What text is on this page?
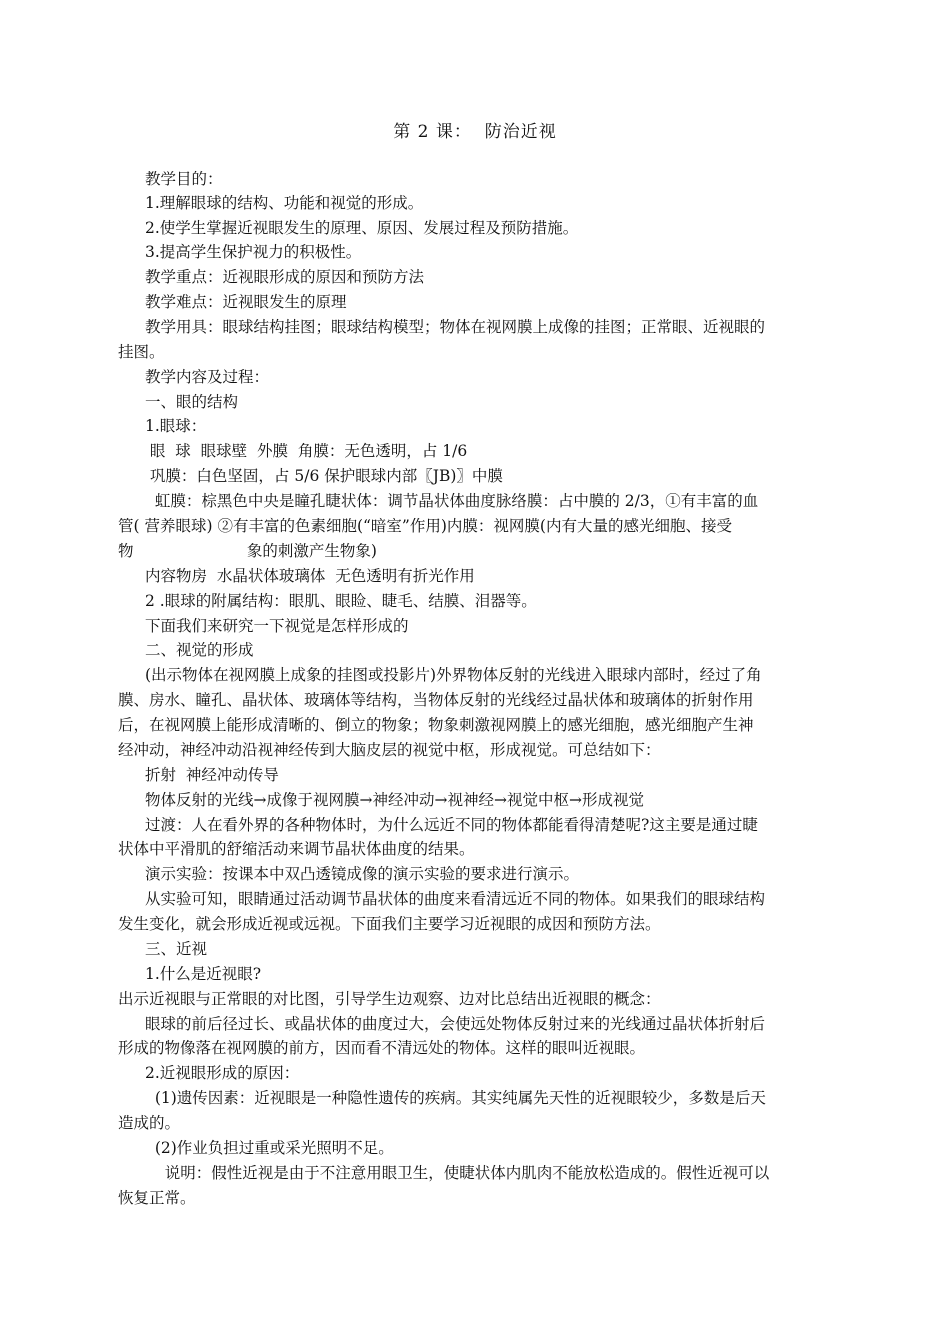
第 2 课：  防治近视
教学目的：
1.理解眼球的结构、功能和视觉的形成。
2.使学生掌握近视眼发生的原理、原因、发展过程及预防措施。
3.提高学生保护视力的积极性。
教学重点：近视眼形成的原因和预防方法
教学难点：近视眼发生的原理
教学用具：眼球结构挂图；眼球结构模型；物体在视网膜上成像的挂图；正常眼、近视眼的
挂图。
教学内容及过程：
一、眼的结构
1.眼球：
眼  球  眼球壁  外膜  角膜：无色透明，占 1/6
巩膜：白色坚固，占 5/6 保护眼球内部〖JB)〗中膜
虹膜：棕黑色中央是瞳孔睫状体：调节晶状体曲度脉络膜：占中膜的 2/3，①有丰富的血
管( 营养眼球) ②有丰富的色素细胞(“暗室”作用)内膜：视网膜(内有大量的感光细胞、接受
物                       象的刺激产生物象)
内容物房  水晶状体玻璃体  无色透明有折光作用
2 .眼球的附属结构：眼肌、眼睑、睫毛、结膜、泪器等。
下面我们来研究一下视觉是怎样形成的
二、视觉的形成
(出示物体在视网膜上成象的挂图或投影片)外界物体反射的光线进入眼球内部时，经过了角
膜、房水、瞳孔、晶状体、玻璃体等结构，当物体反射的光线经过晶状体和玻璃体的折射作用
后，在视网膜上能形成清晰的、倒立的物象；物象刺激视网膜上的感光细胞，感光细胞产生神
经冲动，神经冲动沿视神经传到大脑皮层的视觉中枢，形成视觉。可总结如下：
折射  神经冲动传导
物体反射的光线→成像于视网膜→神经冲动→视神经→视觉中枢→形成视觉
过渡：人在看外界的各种物体时，为什么远近不同的物体都能看得清楚呢?这主要是通过睫
状体中平滑肌的舒缩活动来调节晶状体曲度的结果。
演示实验：按课本中双凸透镜成像的演示实验的要求进行演示。
从实验可知，眼睛通过活动调节晶状体的曲度来看清远近不同的物体。如果我们的眼球结构
发生变化，就会形成近视或远视。下面我们主要学习近视眼的成因和预防方法。
三、近视
1.什么是近视眼?
出示近视眼与正常眼的对比图，引导学生边观察、边对比总结出近视眼的概念：
眼球的前后径过长、或晶状体的曲度过大，会使远处物体反射过来的光线通过晶状体折射后
形成的物像落在视网膜的前方，因而看不清远处的物体。这样的眼叫近视眼。
2.近视眼形成的原因：
(1)遗传因素：近视眼是一种隐性遗传的疾病。其实纯属先天性的近视眼较少，多数是后天
造成的。
(2)作业负担过重或采光照明不足。
说明：假性近视是由于不注意用眼卫生，使睫状体内肌肉不能放松造成的。假性近视可以
恢复正常。
